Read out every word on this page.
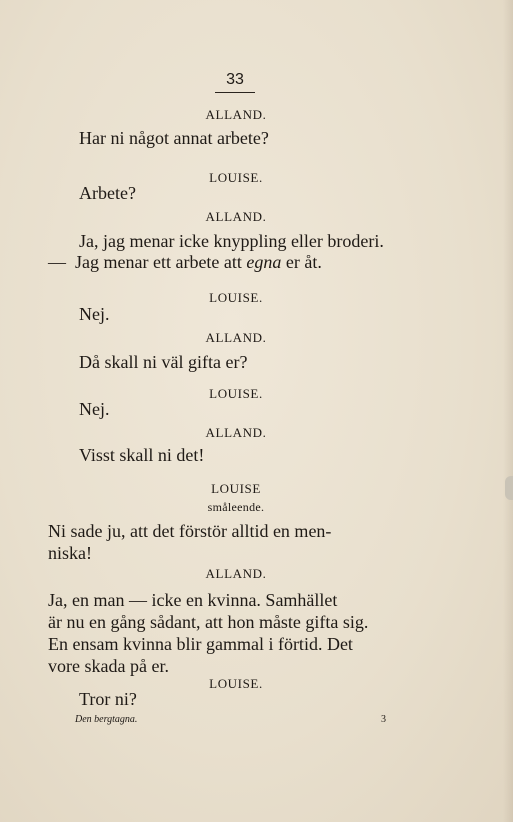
33
ALLAND.
Har ni något annat arbete?
LOUISE.
Arbete?
ALLAND.
Ja, jag menar icke knyppling eller broderi.
— Jag menar ett arbete att egna er åt.
LOUISE.
Nej.
ALLAND.
Då skall ni väl gifta er?
LOUISE.
Nej.
ALLAND.
Visst skall ni det!
LOUISE
småleende.
Ni sade ju, att det förstör alltid en men-
niska!
ALLAND.
Ja, en man — icke en kvinna. Samhället
är nu en gång sådant, att hon måste gifta sig.
En ensam kvinna blir gammal i förtid. Det
vore skada på er.
LOUISE.
Tror ni?
Den bergtagna.	3
